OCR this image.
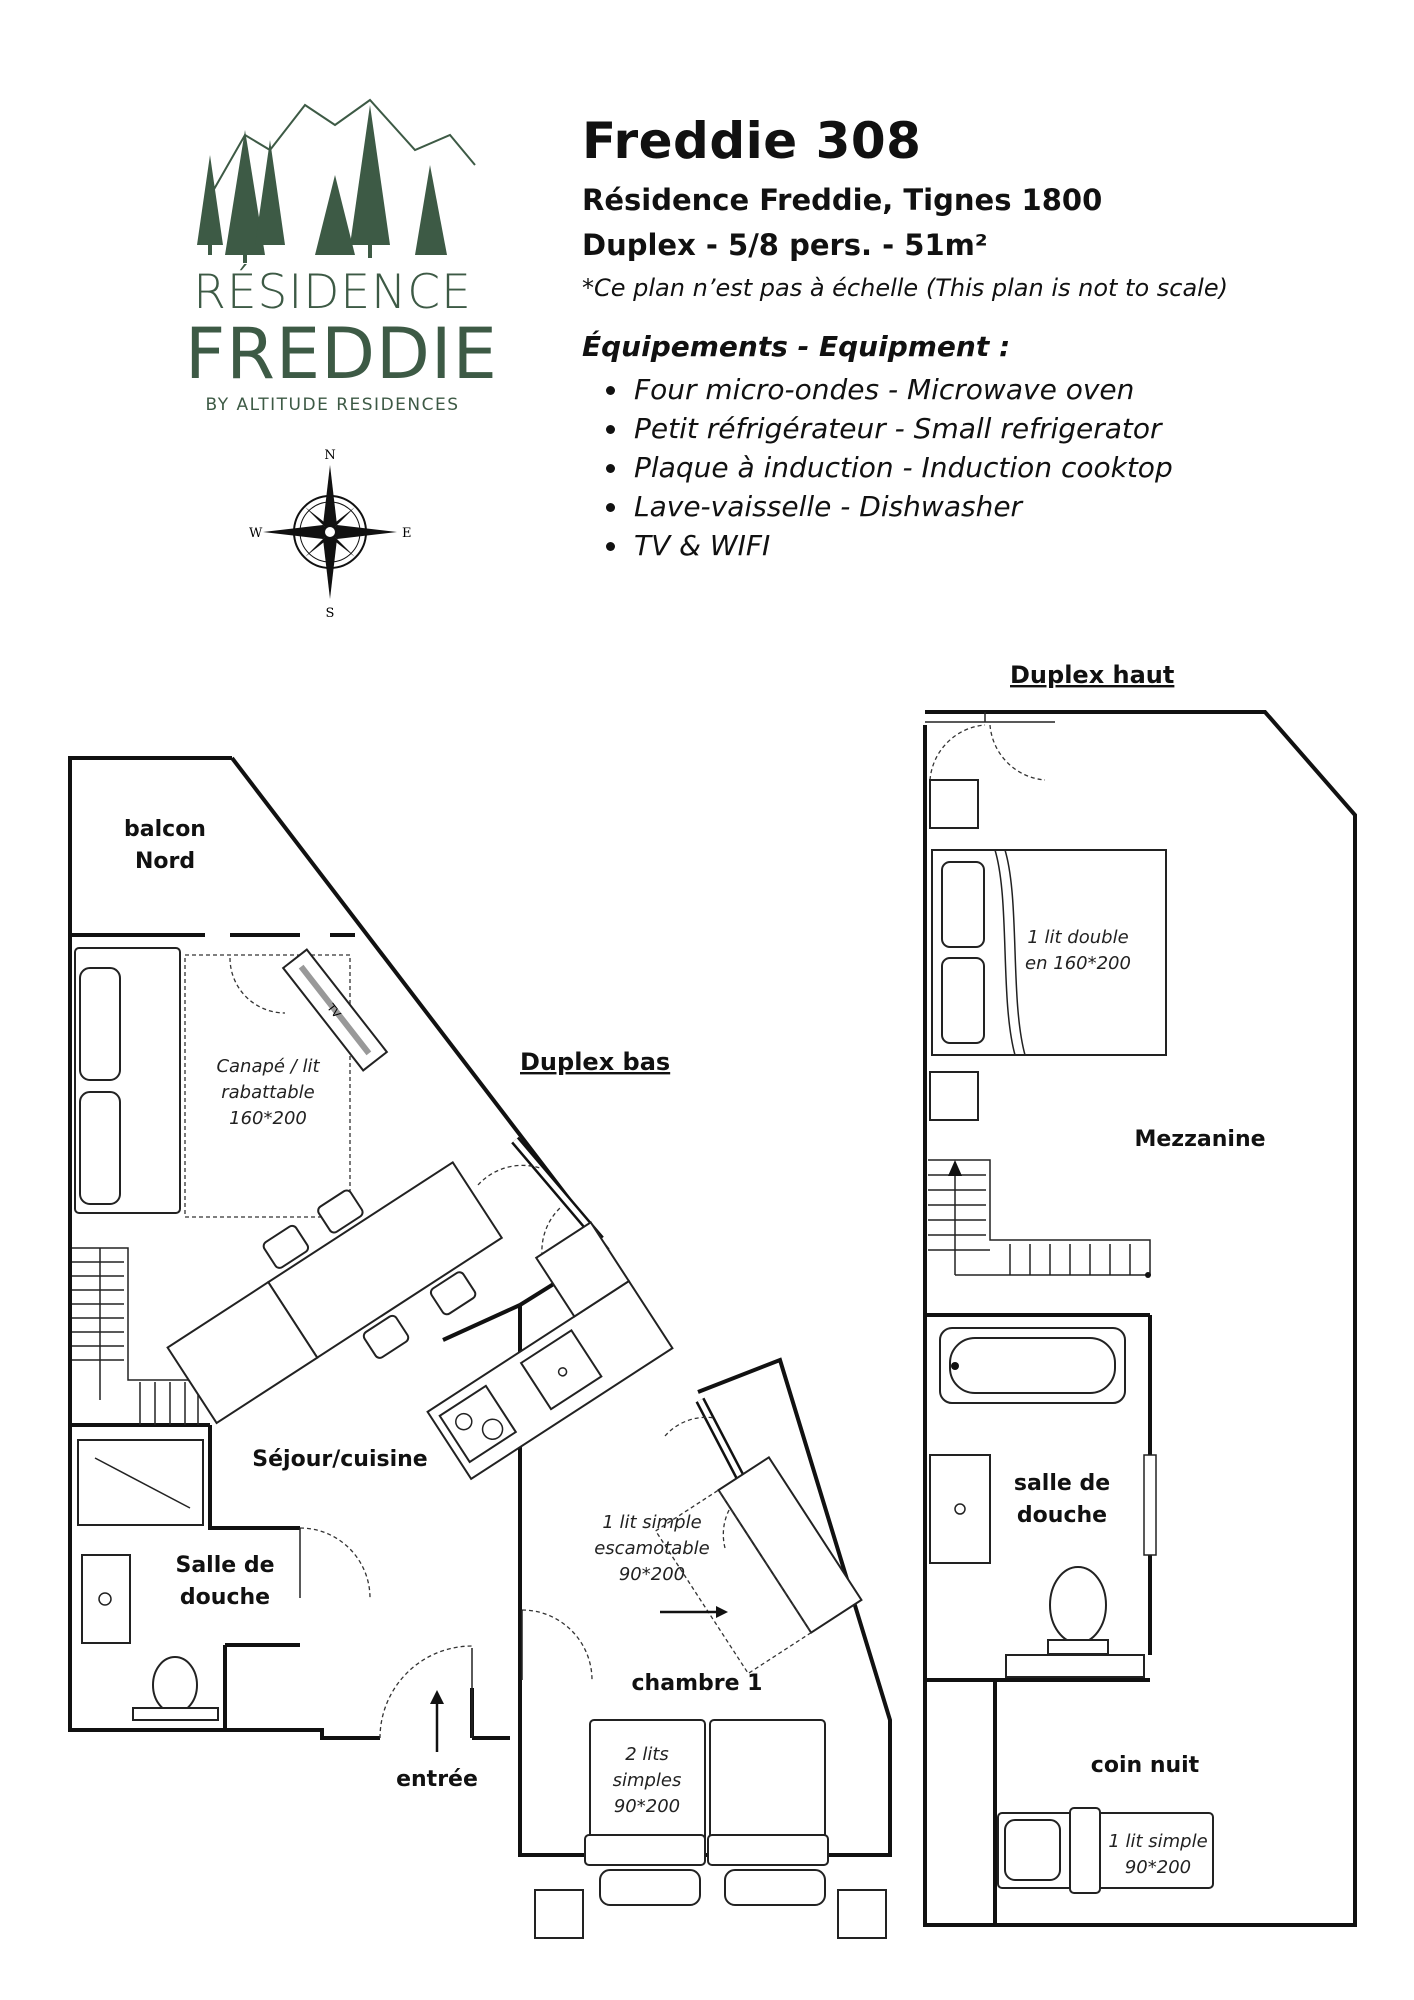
Freddie 308
Résidence Freddie, Tignes 1800
Duplex - 5/8 pers. - 51m²
*Ce plan n’est pas à échelle (This plan is not to scale)
Équipements - Equipment :
• Four micro-ondes - Microwave oven
• Petit réfrigérateur - Small refrigerator
• Plaque à induction - Induction cooktop
• Lave-vaisselle - Dishwasher
• TV & WIFI
RÉSIDENCE
FREDDIE
BY ALTITUDE RESIDENCES
N
S
W	E
Canapé / lit
rabattable
160*200
TV
1 lit simple
escamotable
90*200
2 lits
simples
90*200
Duplex bas
balcon
Nord
Séjour/cuisine
Salle de
douche
entrée
chambre 1
1 lit double
en 160*200
1 lit simple
90*200
Duplex haut
Mezzanine
salle de
douche
coin nuit
